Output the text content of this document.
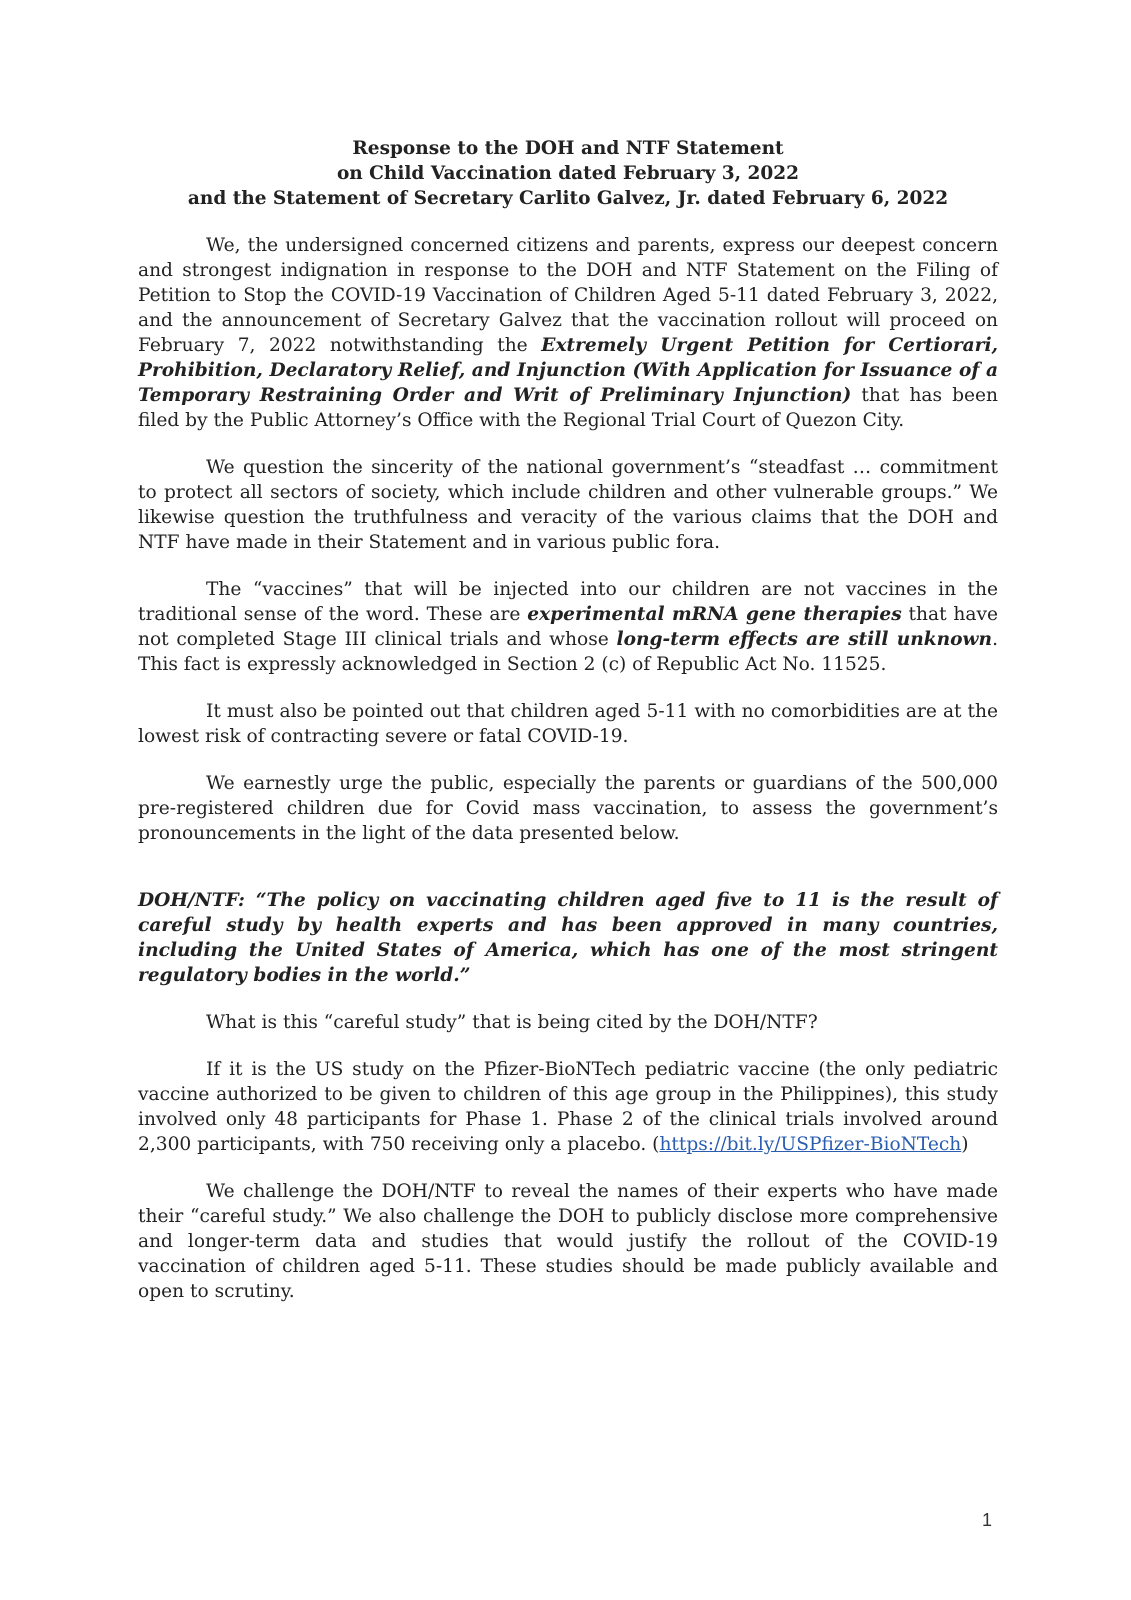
Response to the DOH and NTF Statement
on Child Vaccination dated February 3, 2022
and the Statement of Secretary Carlito Galvez, Jr. dated February 6, 2022

We, the undersigned concerned citizens and parents, express our deepest concern and strongest indignation in response to the DOH and NTF Statement on the Filing of Petition to Stop the COVID-19 Vaccination of Children Aged 5-11 dated February 3, 2022, and the announcement of Secretary Galvez that the vaccination rollout will proceed on February 7, 2022 notwithstanding the Extremely Urgent Petition for Certiorari, Prohibition, Declaratory Relief, and Injunction (With Application for Issuance of a Temporary Restraining Order and Writ of Preliminary Injunction) that has been filed by the Public Attorney’s Office with the Regional Trial Court of Quezon City.

We question the sincerity of the national government’s “steadfast … commitment to protect all sectors of society, which include children and other vulnerable groups.” We likewise question the truthfulness and veracity of the various claims that the DOH and NTF have made in their Statement and in various public fora.

The “vaccines” that will be injected into our children are not vaccines in the traditional sense of the word. These are experimental mRNA gene therapies that have not completed Stage III clinical trials and whose long-term effects are still unknown. This fact is expressly acknowledged in Section 2 (c) of Republic Act No. 11525.

It must also be pointed out that children aged 5-11 with no comorbidities are at the lowest risk of contracting severe or fatal COVID-19.

We earnestly urge the public, especially the parents or guardians of the 500,000 pre-registered children due for Covid mass vaccination, to assess the government’s pronouncements in the light of the data presented below.

DOH/NTF: “The policy on vaccinating children aged five to 11 is the result of careful study by health experts and has been approved in many countries, including the United States of America, which has one of the most stringent regulatory bodies in the world.”

What is this “careful study” that is being cited by the DOH/NTF?

If it is the US study on the Pfizer-BioNTech pediatric vaccine (the only pediatric vaccine authorized to be given to children of this age group in the Philippines), this study involved only 48 participants for Phase 1. Phase 2 of the clinical trials involved around 2,300 participants, with 750 receiving only a placebo. (https://bit.ly/USPfizer-BioNTech)

We challenge the DOH/NTF to reveal the names of their experts who have made their “careful study.” We also challenge the DOH to publicly disclose more comprehensive and longer-term data and studies that would justify the rollout of the COVID-19 vaccination of children aged 5-11. These studies should be made publicly available and open to scrutiny.

1
